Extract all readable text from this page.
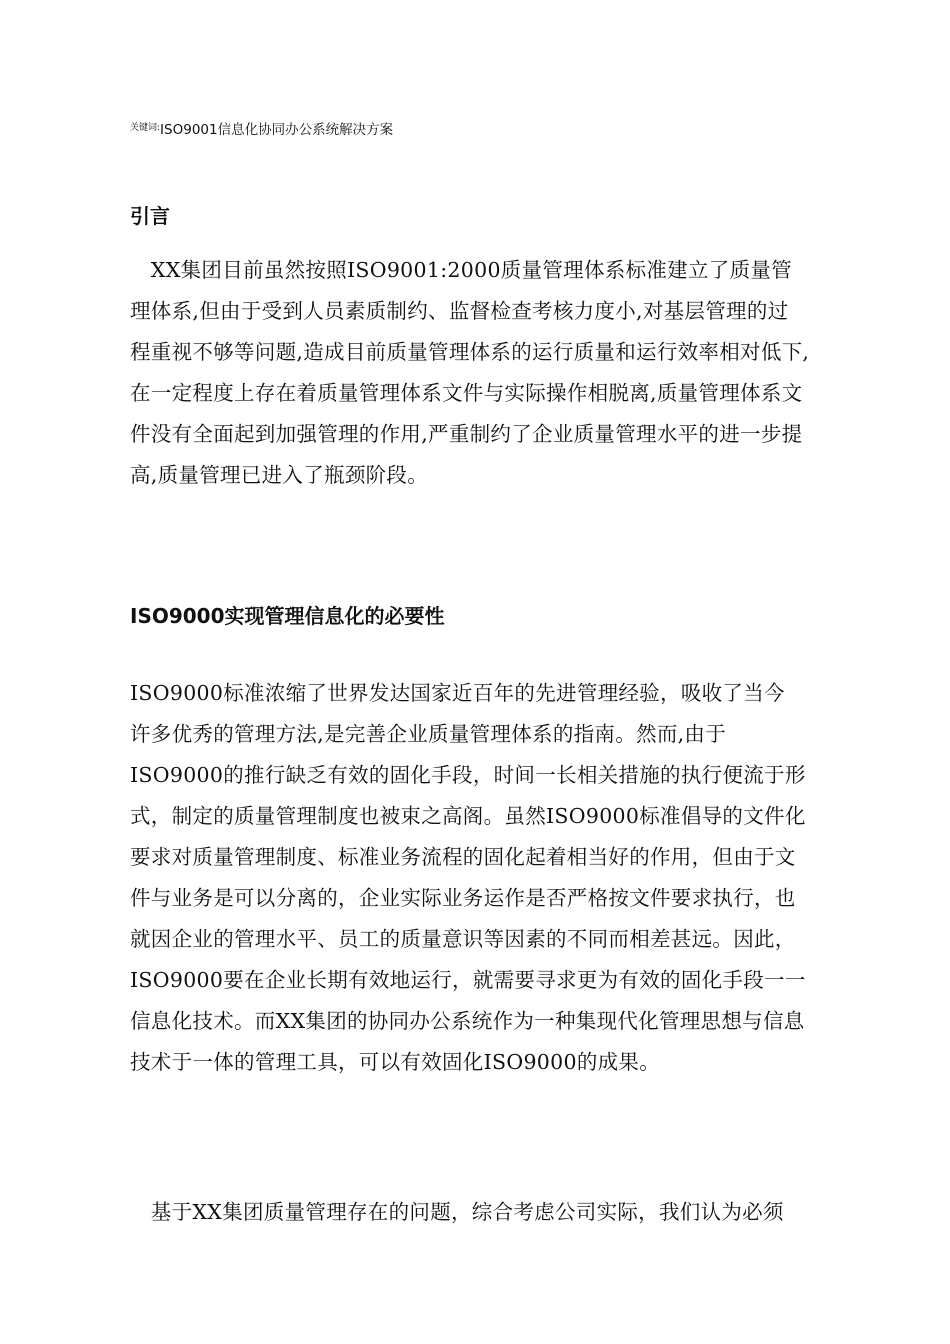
$^{关键词:}$ISO9001信息化协同办公系统解决方案
引言
　XX集团目前虽然按照ISO9001:2000质量管理体系标准建立了质量管
理体系,但由于受到人员素质制约、监督检查考核力度小,对基层管理的过
程重视不够等问题,造成目前质量管理体系的运行质量和运行效率相对低下,
在一定程度上存在着质量管理体系文件与实际操作相脱离,质量管理体系文
件没有全面起到加强管理的作用,严重制约了企业质量管理水平的进一步提
高,质量管理已进入了瓶颈阶段。
ISO9000实现管理信息化的必要性
ISO9000标准浓缩了世界发达国家近百年的先进管理经验，吸收了当今
许多优秀的管理方法,是完善企业质量管理体系的指南。然而,由于
ISO9000的推行缺乏有效的固化手段，时间一长相关措施的执行便流于形
式，制定的质量管理制度也被束之高阁。虽然ISO9000标准倡导的文件化
要求对质量管理制度、标准业务流程的固化起着相当好的作用，但由于文
件与业务是可以分离的，企业实际业务运作是否严格按文件要求执行，也
就因企业的管理水平、员工的质量意识等因素的不同而相差甚远。因此，
ISO9000要在企业长期有效地运行，就需要寻求更为有效的固化手段一一
信息化技术。而XX集团的协同办公系统作为一种集现代化管理思想与信息
技术于一体的管理工具，可以有效固化ISO9000的成果。
　基于XX集团质量管理存在的问题，综合考虑公司实际，我们认为必须
